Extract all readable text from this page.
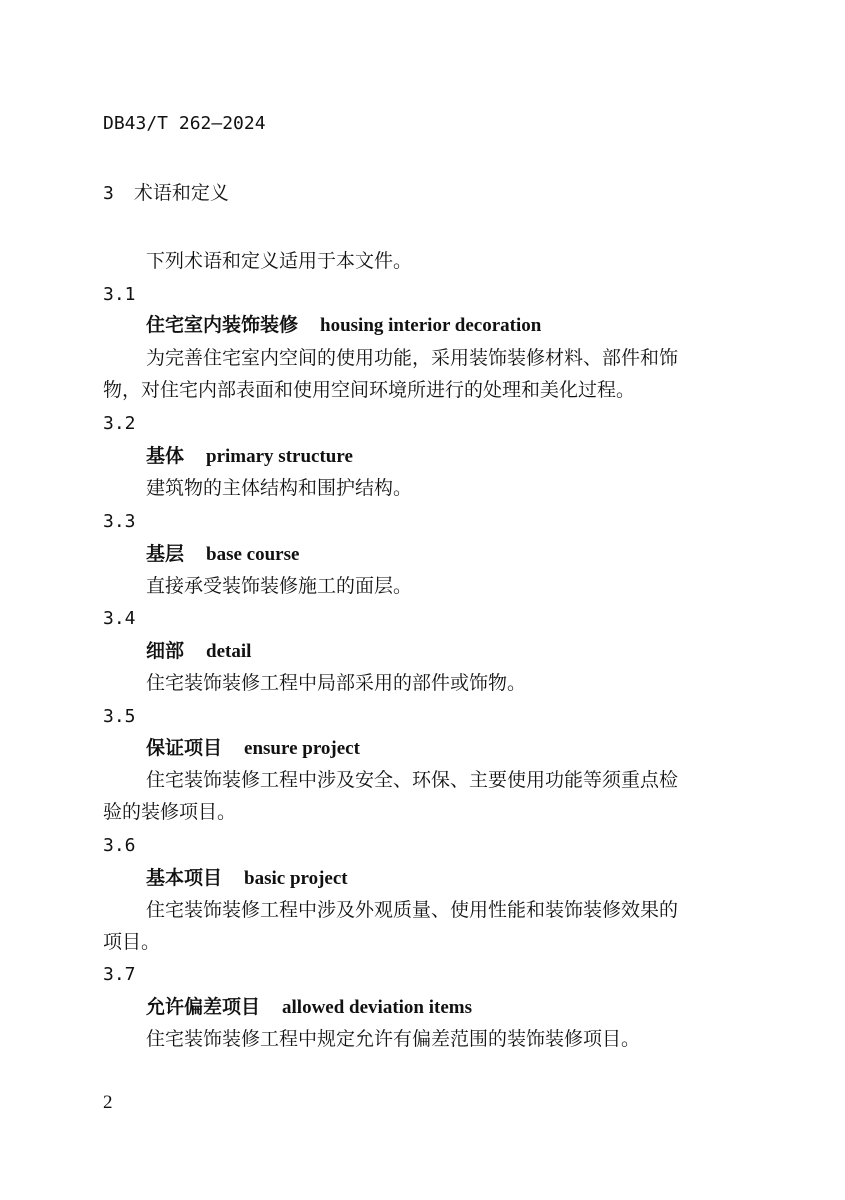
DB43/T 262—2024
3 术语和定义
下列术语和定义适用于本文件。
3.1
住宅室内装饰装修 housing interior decoration
为完善住宅室内空间的使用功能，采用装饰装修材料、部件和饰
物，对住宅内部表面和使用空间环境所进行的处理和美化过程。
3.2
基体 primary structure
建筑物的主体结构和围护结构。
3.3
基层 base course
直接承受装饰装修施工的面层。
3.4
细部 detail
住宅装饰装修工程中局部采用的部件或饰物。
3.5
保证项目 ensure project
住宅装饰装修工程中涉及安全、环保、主要使用功能等须重点检
验的装修项目。
3.6
基本项目 basic project
住宅装饰装修工程中涉及外观质量、使用性能和装饰装修效果的
项目。
3.7
允许偏差项目 allowed deviation items
住宅装饰装修工程中规定允许有偏差范围的装饰装修项目。
2
